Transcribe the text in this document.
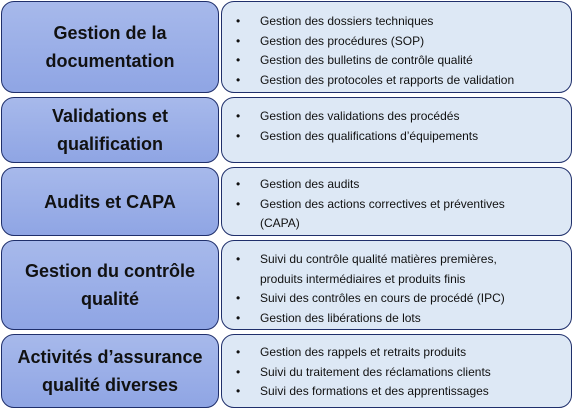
Gestion de la
documentation
• Gestion des dossiers techniques
• Gestion des procédures (SOP)
• Gestion des bulletins de contrôle qualité
• Gestion des protocoles et rapports de validation
Validations et
qualification
• Gestion des validations des procédés
• Gestion des qualifications d’équipements
Audits et CAPA
• Gestion des audits
• Gestion des actions correctives et préventives
(CAPA)
Gestion du contrôle
qualité
• Suivi du contrôle qualité matières premières,
produits intermédiaires et produits finis
• Suivi des contrôles en cours de procédé (IPC)
• Gestion des libérations de lots
Activités d’assurance
qualité diverses
• Gestion des rappels et retraits produits
• Suivi du traitement des réclamations clients
• Suivi des formations et des apprentissages
